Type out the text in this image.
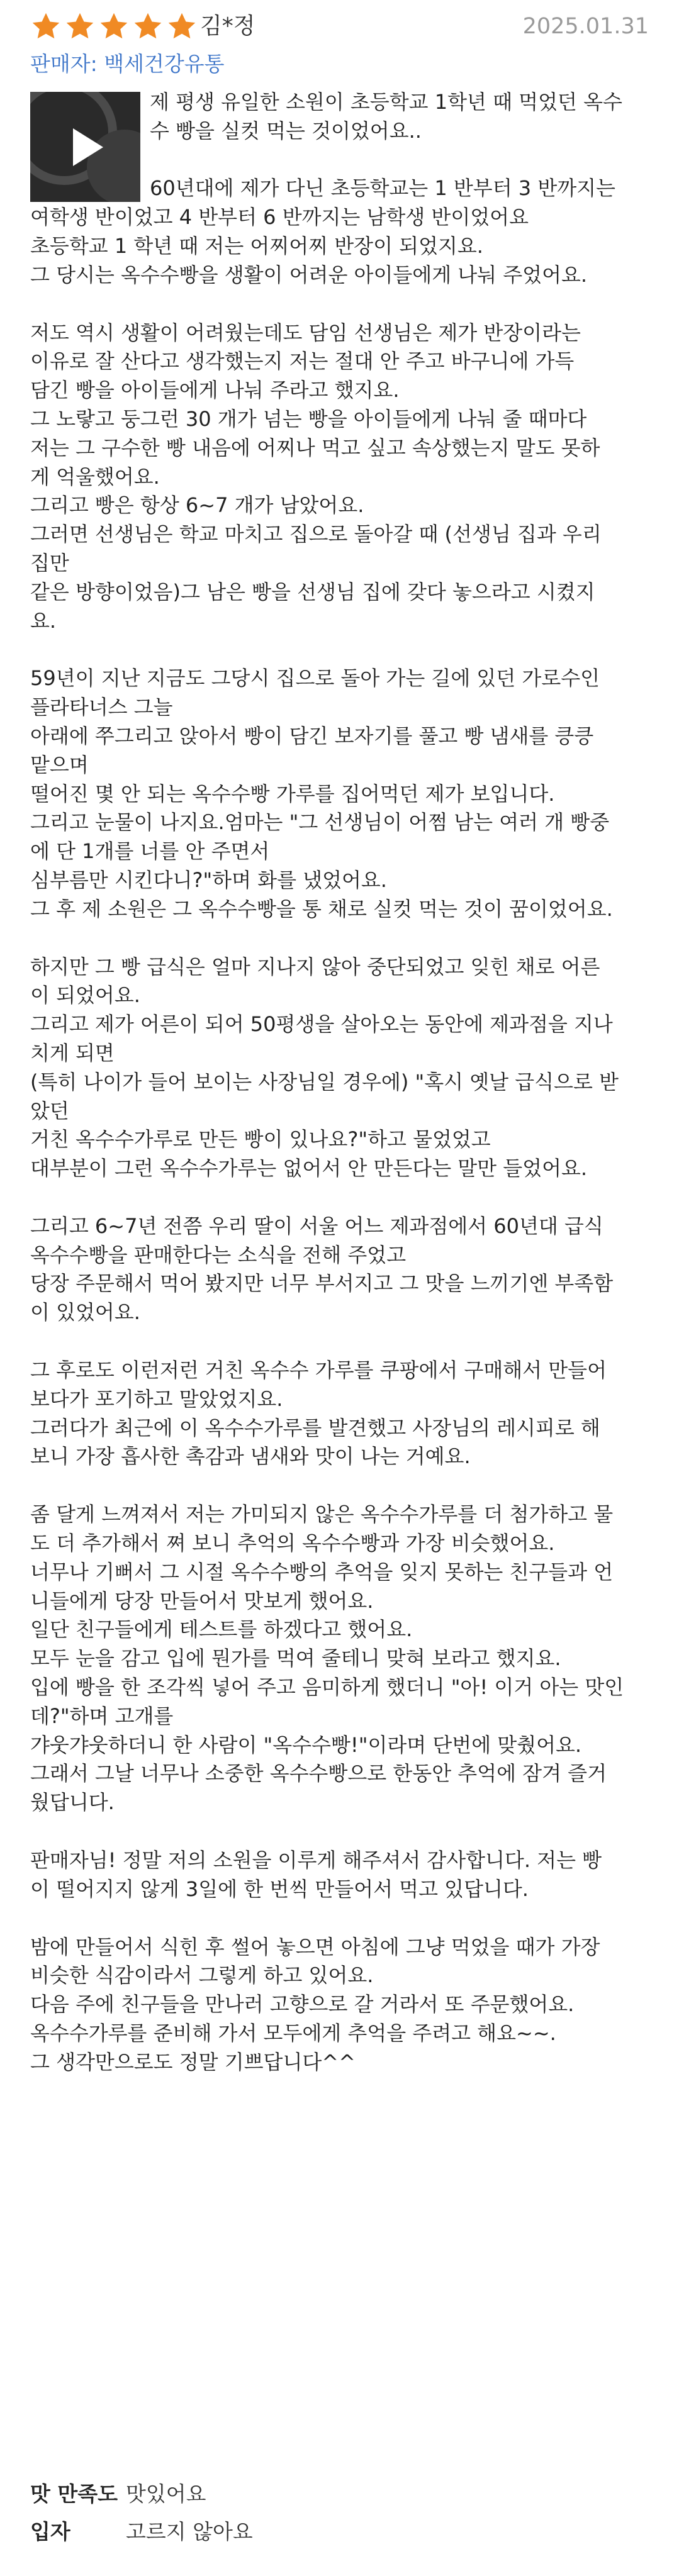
김*정	2025.01.31
판매자: 백세건강유통
제 평생 유일한 소원이 초등학교 1학년 때 먹었던 옥수
수 빵을 실컷 먹는 것이었어요..

60년대에 제가 다닌 초등학교는 1 반부터 3 반까지는
여학생 반이었고 4 반부터 6 반까지는 남학생 반이었어요
초등학교 1 학년 때 저는 어찌어찌 반장이 되었지요.
그 당시는 옥수수빵을 생활이 어려운 아이들에게 나눠 주었어요.
저도 역시 생활이 어려웠는데도 담임 선생님은 제가 반장이라는
이유로 잘 산다고 생각했는지 저는 절대 안 주고 바구니에 가득
담긴 빵을 아이들에게 나눠 주라고 했지요.
그 노랗고 둥그런 30 개가 넘는 빵을 아이들에게 나눠 줄 때마다
저는 그 구수한 빵 내음에 어찌나 먹고 싶고 속상했는지 말도 못하
게 억울했어요.
그리고 빵은 항상 6~7 개가 남았어요.
그러면 선생님은 학교 마치고 집으로 돌아갈 때 (선생님 집과 우리
집만
같은 방향이었음)그 남은 빵을 선생님 집에 갖다 놓으라고 시켰지
요.
59년이 지난 지금도 그당시 집으로 돌아 가는 길에 있던 가로수인
플라타너스 그늘
아래에 쭈그리고 앉아서 빵이 담긴 보자기를 풀고 빵 냄새를 킁킁
맡으며
떨어진 몇 안 되는 옥수수빵 가루를 집어먹던 제가 보입니다.
그리고 눈물이 나지요.엄마는 "그 선생님이 어쩜 남는 여러 개 빵중
에 단 1개를 너를 안 주면서
심부름만 시킨다니?"하며 화를 냈었어요.
그 후 제 소원은 그 옥수수빵을 통 채로 실컷 먹는 것이 꿈이었어요.
하지만 그 빵 급식은 얼마 지나지 않아 중단되었고 잊힌 채로 어른
이 되었어요.
그리고 제가 어른이 되어 50평생을 살아오는 동안에 제과점을 지나
치게 되면
(특히 나이가 들어 보이는 사장님일 경우에) "혹시 옛날 급식으로 받
았던
거친 옥수수가루로 만든 빵이 있나요?"하고 물었었고
대부분이 그런 옥수수가루는 없어서 안 만든다는 말만 들었어요.
그리고 6~7년 전쯤 우리 딸이 서울 어느 제과점에서 60년대 급식
옥수수빵을 판매한다는 소식을 전해 주었고
당장 주문해서 먹어 봤지만 너무 부서지고 그 맛을 느끼기엔 부족함
이 있었어요.
그 후로도 이런저런 거친 옥수수 가루를 쿠팡에서 구매해서 만들어
보다가 포기하고 말았었지요.
그러다가 최근에 이 옥수수가루를 발견했고 사장님의 레시피로 해
보니 가장 흡사한 촉감과 냄새와 맛이 나는 거예요.
좀 달게 느껴져서 저는 가미되지 않은 옥수수가루를 더 첨가하고 물
도 더 추가해서 쪄 보니 추억의 옥수수빵과 가장 비슷했어요.
너무나 기뻐서 그 시절 옥수수빵의 추억을 잊지 못하는 친구들과 언
니들에게 당장 만들어서 맛보게 했어요.
일단 친구들에게 테스트를 하겠다고 했어요.
모두 눈을 감고 입에 뭔가를 먹여 줄테니 맞혀 보라고 했지요.
입에 빵을 한 조각씩 넣어 주고 음미하게 했더니 "아! 이거 아는 맛인
데?"하며 고개를
갸웃갸웃하더니 한 사람이 "옥수수빵!"이라며 단번에 맞췄어요.
그래서 그날 너무나 소중한 옥수수빵으로 한동안 추억에 잠겨 즐거
웠답니다.
판매자님! 정말 저의 소원을 이루게 해주셔서 감사합니다. 저는 빵
이 떨어지지 않게 3일에 한 번씩 만들어서 먹고 있답니다.
밤에 만들어서 식힌 후 썰어 놓으면 아침에 그냥 먹었을 때가 가장
비슷한 식감이라서 그렇게 하고 있어요.
다음 주에 친구들을 만나러 고향으로 갈 거라서 또 주문했어요.
옥수수가루를 준비해 가서 모두에게 추억을 주려고 해요~~.
그 생각만으로도 정말 기쁘답니다^^
맛 만족도 맛있어요
입자	고르지 않아요
